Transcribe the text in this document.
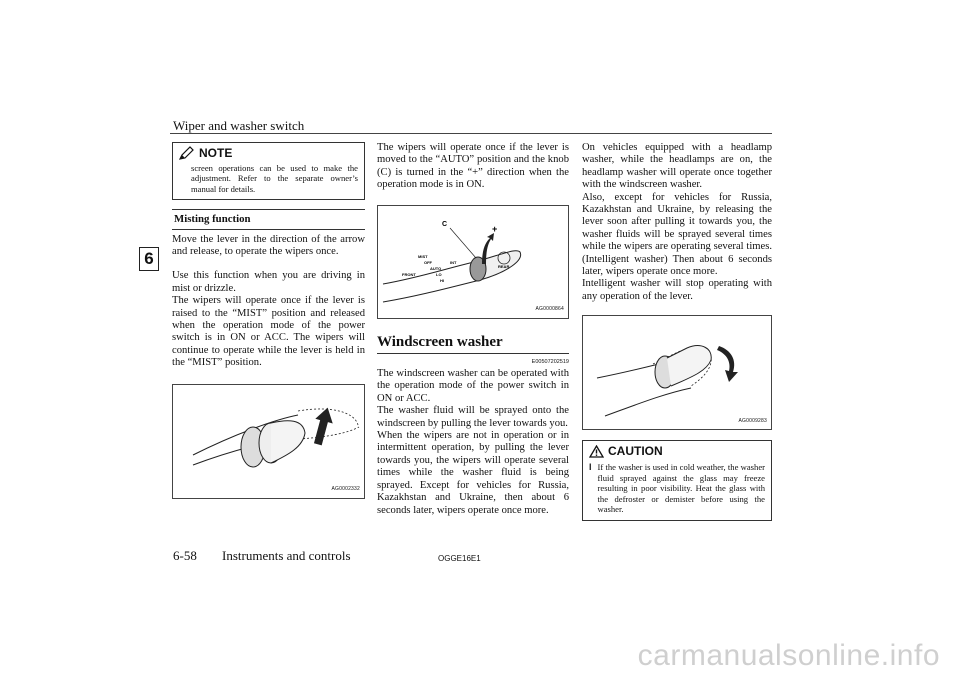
Wiper and washer switch
6
NOTE
screen operations can be used to make the adjustment. Refer to the separate owner’s manual for details.
Misting function

Move the lever in the direction of the arrow and release, to operate the wipers once.

Use this function when you are driving in mist or drizzle.

The wipers will operate once if the lever is raised to the “MIST” position and released when the operation mode of the power switch is in ON or ACC. The wipers will continue to operate while the lever is held in the “MIST” position.

AG0002332

The wipers will operate once if the lever is moved to the “AUTO” position and the knob (C) is turned in the “+” direction when the operation mode is in ON.

C	+
MIST
OFF
AUTO
LO
HI
FRONT
INT
REAR
AG0000864
Windscreen washer
E00507202519

The windscreen washer can be operated with the operation mode of the power switch in ON or ACC.

The washer fluid will be sprayed onto the windscreen by pulling the lever towards you.

When the wipers are not in operation or in intermittent operation, by pulling the lever towards you, the wipers will operate several times while the washer fluid is being sprayed. Except for vehicles for Russia, Kazakhstan and Ukraine, then about 6 seconds later, wipers operate once more.

On vehicles equipped with a headlamp washer, while the headlamps are on, the headlamp washer will operate once together with the windscreen washer.

Also, except for vehicles for Russia, Kazakhstan and Ukraine, by releasing the lever soon after pulling it towards you, the washer fluids will be sprayed several times while the wipers are operating several times. (Intelligent washer) Then about 6 seconds later, wipers operate once more.

Intelligent washer will stop operating with any operation of the lever.

AG0009283
CAUTION
l If the washer is used in cold weather, the washer fluid sprayed against the glass may freeze resulting in poor visibility. Heat the glass with the defroster or demister before using the washer.
6-58 Instruments and controls	OGGE16E1
carmanualsonline.info
